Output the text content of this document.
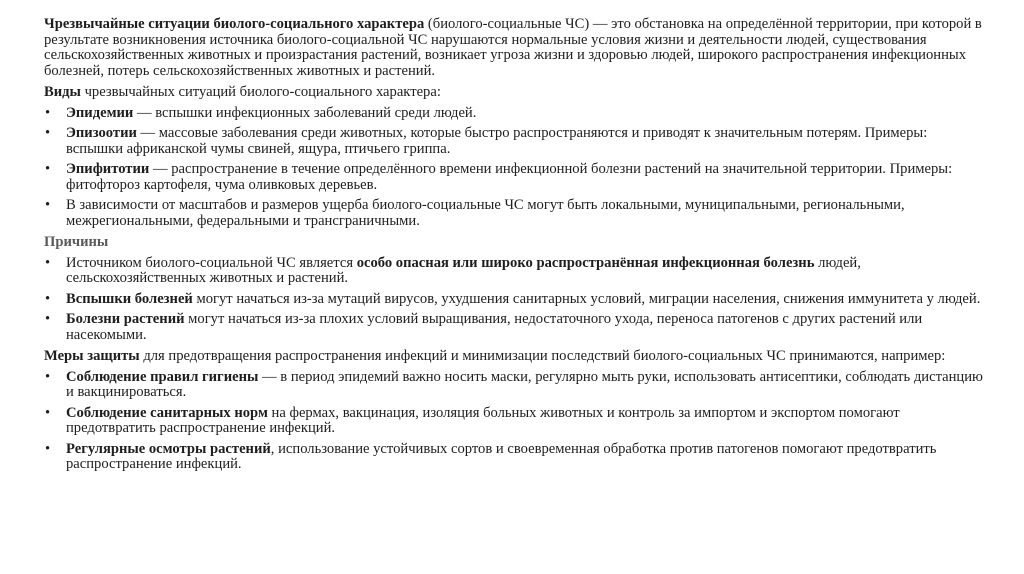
Чрезвычайные ситуации биолого-социального характера (биолого-социальные ЧС) — это обстановка на определённой территории, при которой в результате возникновения источника биолого-социальной ЧС нарушаются нормальные условия жизни и деятельности людей, существования сельскохозяйственных животных и произрастания растений, возникает угроза жизни и здоровью людей, широкого распространения инфекционных болезней, потерь сельскохозяйственных животных и растений.

Виды чрезвычайных ситуаций биолого-социального характера:

• Эпидемии — вспышки инфекционных заболеваний среди людей.
• Эпизоотии — массовые заболевания среди животных, которые быстро распространяются и приводят к значительным потерям. Примеры: вспышки африканской чумы свиней, ящура, птичьего гриппа.
• Эпифитотии — распространение в течение определённого времени инфекционной болезни растений на значительной территории. Примеры: фитофтороз картофеля, чума оливковых деревьев.
• В зависимости от масштабов и размеров ущерба биолого-социальные ЧС могут быть локальными, муниципальными, региональными, межрегиональными, федеральными и трансграничными.

Причины

• Источником биолого-социальной ЧС является особо опасная или широко распространённая инфекционная болезнь людей, сельскохозяйственных животных и растений.
• Вспышки болезней могут начаться из-за мутаций вирусов, ухудшения санитарных условий, миграции населения, снижения иммунитета у людей.
• Болезни растений могут начаться из-за плохих условий выращивания, недостаточного ухода, переноса патогенов с других растений или насекомыми.

Меры защиты для предотвращения распространения инфекций и минимизации последствий биолого-социальных ЧС принимаются, например:

• Соблюдение правил гигиены — в период эпидемий важно носить маски, регулярно мыть руки, использовать антисептики, соблюдать дистанцию и вакцинироваться.
• Соблюдение санитарных норм на фермах, вакцинация, изоляция больных животных и контроль за импортом и экспортом помогают предотвратить распространение инфекций.
• Регулярные осмотры растений, использование устойчивых сортов и своевременная обработка против патогенов помогают предотвратить распространение инфекций.
